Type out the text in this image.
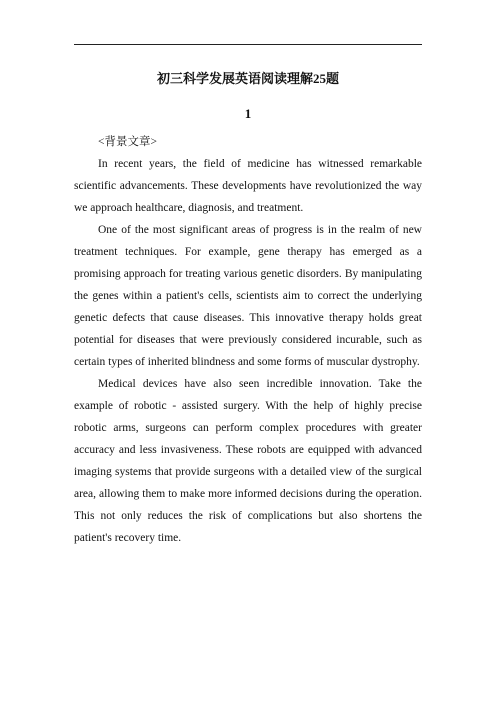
初三科学发展英语阅读理解25题
1

<背景文章>

In recent years, the field of medicine has witnessed remarkable scientific advancements. These developments have revolutionized the way we approach healthcare, diagnosis, and treatment.

One of the most significant areas of progress is in the realm of new treatment techniques. For example, gene therapy has emerged as a promising approach for treating various genetic disorders. By manipulating the genes within a patient's cells, scientists aim to correct the underlying genetic defects that cause diseases. This innovative therapy holds great potential for diseases that were previously considered incurable, such as certain types of inherited blindness and some forms of muscular dystrophy.

Medical devices have also seen incredible innovation. Take the example of robotic - assisted surgery. With the help of highly precise robotic arms, surgeons can perform complex procedures with greater accuracy and less invasiveness. These robots are equipped with advanced imaging systems that provide surgeons with a detailed view of the surgical area, allowing them to make more informed decisions during the operation. This not only reduces the risk of complications but also shortens the patient's recovery time.
